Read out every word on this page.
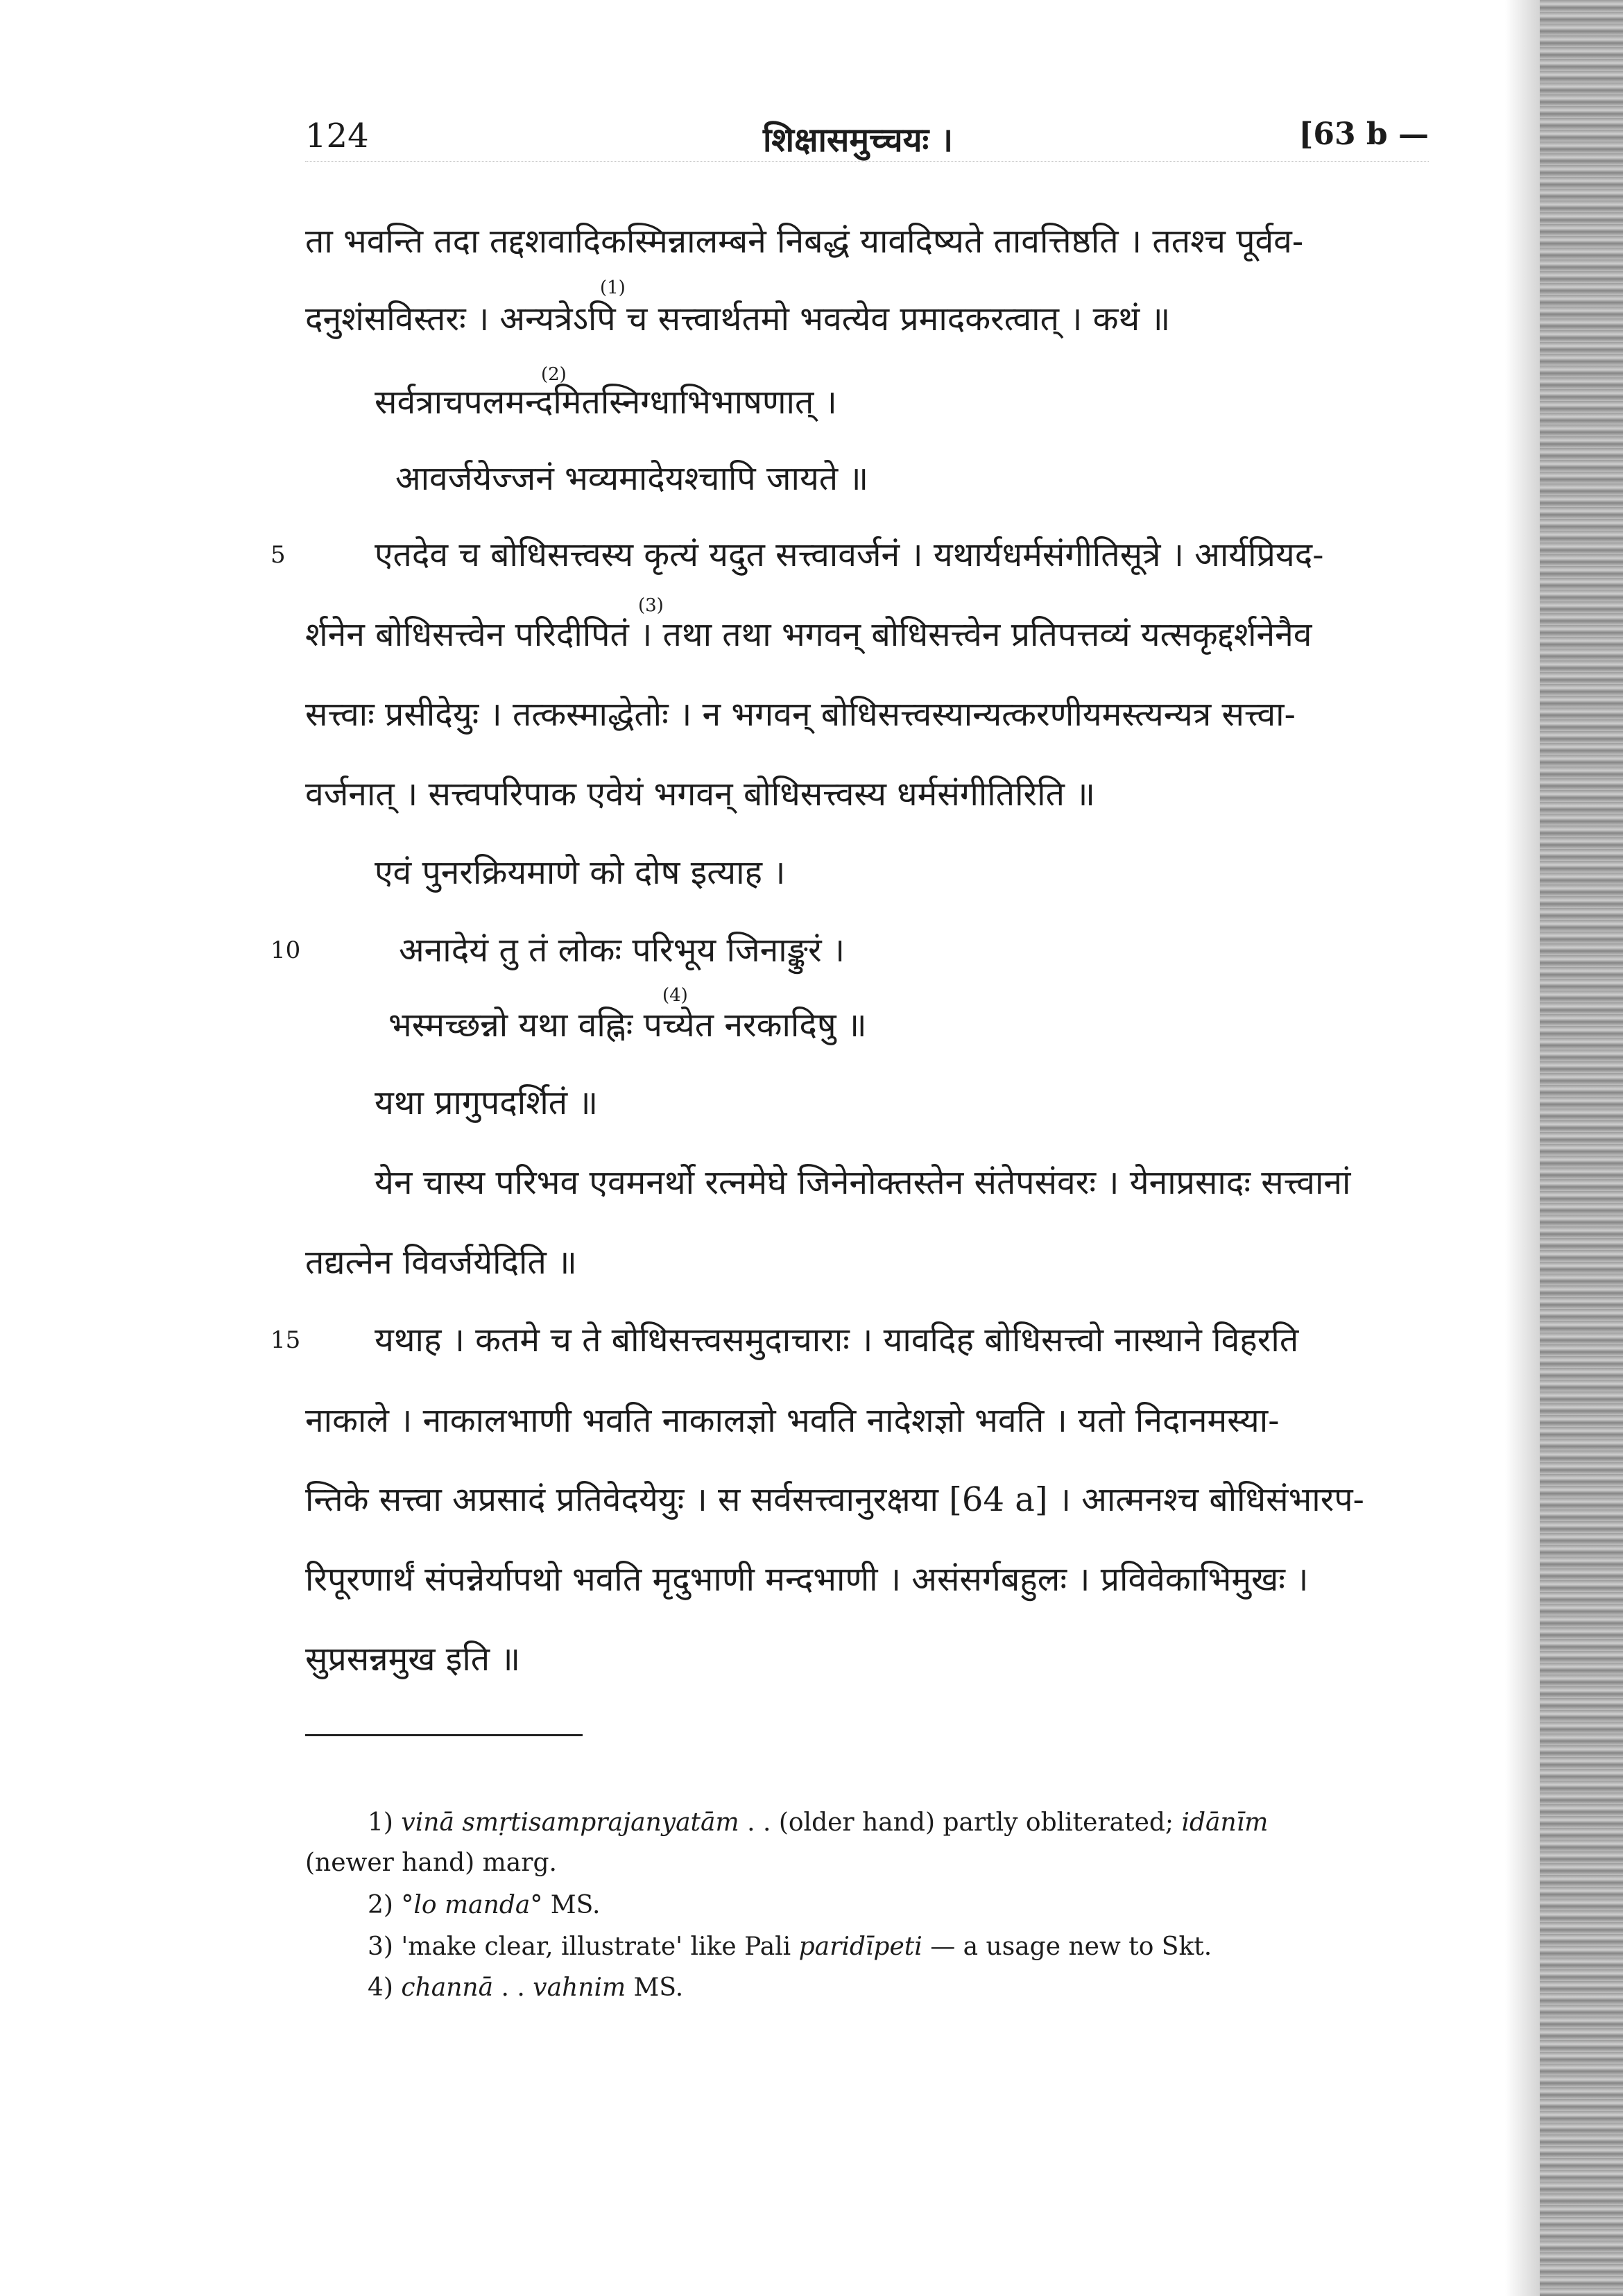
124	शिक्षासमुच्चयः ।	[63 b —
(1)
(2)
(3)
(4)
ता भवन्ति तदा तद्दशवादिकस्मिन्नालम्बने निबद्धं यावदिष्यते तावत्तिष्ठति । ततश्च पूर्वव-
दनुशंसविस्तरः । अन्यत्रेऽपि च सत्त्वार्थतमो भवत्येव प्रमादकरत्वात् । कथं ॥
सर्वत्राचपलमन्दमितस्निग्धाभिभाषणात् ।
आवर्जयेज्जनं भव्यमादेयश्चापि जायते ॥
5	एतदेव च बोधिसत्त्वस्य कृत्यं यदुत सत्त्वावर्जनं । यथार्यधर्मसंगीतिसूत्रे । आर्यप्रियद-
र्शनेन बोधिसत्त्वेन परिदीपितं । तथा तथा भगवन् बोधिसत्त्वेन प्रतिपत्तव्यं यत्सकृद्दर्शनेनैव
सत्त्वाः प्रसीदेयुः । तत्कस्माद्धेतोः । न भगवन् बोधिसत्त्वस्यान्यत्करणीयमस्त्यन्यत्र सत्त्वा-
वर्जनात् । सत्त्वपरिपाक एवेयं भगवन् बोधिसत्त्वस्य धर्मसंगीतिरिति ॥
एवं पुनरक्रियमाणे को दोष इत्याह ।
10	अनादेयं तु तं लोकः परिभूय जिनाङ्कुरं ।
भस्मच्छन्नो यथा वह्निः पच्येत नरकादिषु ॥
यथा प्रागुपदर्शितं ॥
येन चास्य परिभव एवमनर्थो रत्नमेघे जिनेनोक्तस्तेन संतेपसंवरः । येनाप्रसादः सत्त्वानां
तद्यत्नेन विवर्जयेदिति ॥
15 यथाह । कतमे च ते बोधिसत्त्वसमुदाचाराः । यावदिह बोधिसत्त्वो नास्थाने विहरति
नाकाले । नाकालभाणी भवति नाकालज्ञो भवति नादेशज्ञो भवति । यतो निदानमस्या-
न्तिके सत्त्वा अप्रसादं प्रतिवेदयेयुः । स सर्वसत्त्वानुरक्षया [64 a] । आत्मनश्च बोधिसंभारप-
रिपूरणार्थं संपन्नेर्यापथो भवति मृदुभाणी मन्दभाणी । असंसर्गबहुलः । प्रविवेकाभिमुखः ।
सुप्रसन्नमुख इति ॥
1) vinā smṛtisamprajanyatām . . (older hand) partly obliterated; idānīm
(newer hand) marg.
2) °lo manda° MS.
3) 'make clear, illustrate' like Pali paridīpeti — a usage new to Skt.
4) channā . . vahnim MS.
